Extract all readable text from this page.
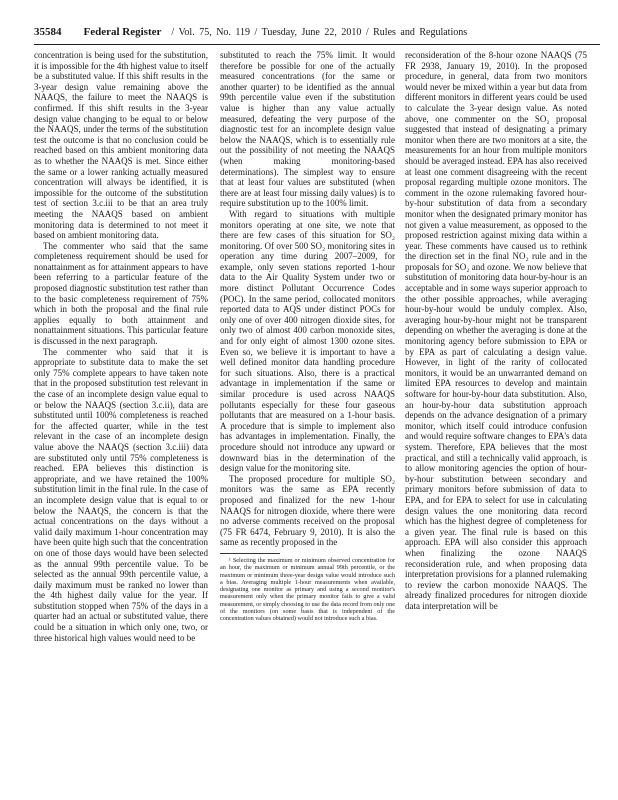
35584 Federal Register / Vol. 75, No. 119 / Tuesday, June 22, 2010 / Rules and Regulations

concentration is being used for the substitution, it is impossible for the 4th highest value to itself be a substituted value. If this shift results in the 3-year design value remaining above the NAAQS, the failure to meet the NAAQS is confirmed. If this shift results in the 3-year design value changing to be equal to or below the NAAQS, under the terms of the substitution test the outcome is that no conclusion could be reached based on this ambient monitoring data as to whether the NAAQS is met. Since either the same or a lower ranking actually measured concentration will always be identified, it is impossible for the outcome of the substitution test of section 3.c.iii to be that an area truly meeting the NAAQS based on ambient monitoring data is determined to not meet it based on ambient monitoring data.

The commenter who said that the same completeness requirement should be used for nonattainment as for attainment appears to have been referring to a particular feature of the proposed diagnostic substitution test rather than to the basic completeness requirement of 75% which in both the proposal and the final rule applies equally to both attainment and nonattainment situations. This particular feature is discussed in the next paragraph.

The commenter who said that it is appropriate to substitute data to make the set only 75% complete appears to have taken note that in the proposed substitution test relevant in the case of an incomplete design value equal to or below the NAAQS (section 3.c.ii), data are substituted until 100% completeness is reached for the affected quarter, while in the test relevant in the case of an incomplete design value above the NAAQS (section 3.c.iii) data are substituted only until 75% completeness is reached. EPA believes this distinction is appropriate, and we have retained the 100% substitution limit in the final rule. In the case of an incomplete design value that is equal to or below the NAAQS, the concern is that the actual concentrations on the days without a valid daily maximum 1-hour concentration may have been quite high such that the concentration on one of those days would have been selected as the annual 99th percentile value. To be selected as the annual 99th percentile value, a daily maximum must be ranked no lower than the 4th highest daily value for the year. If substitution stopped when 75% of the days in a quarter had an actual or substituted value, there could be a situation in which only one, two, or three historical high values would need to be

substituted to reach the 75% limit. It would therefore be possible for one of the actually measured concentrations (for the same or another quarter) to be identified as the annual 99th percentile value even if the substitution value is higher than any value actually measured, defeating the very purpose of the diagnostic test for an incomplete design value below the NAAQS, which is to essentially rule out the possibility of not meeting the NAAQS (when making monitoring-based determinations). The simplest way to ensure that at least four values are substituted (when there are at least four missing daily values) is to require substitution up to the 100% limit.

With regard to situations with multiple monitors operating at one site, we note that there are few cases of this situation for SO₂ monitoring. Of over 500 SO₂ monitoring sites in operation any time during 2007–2009, for example, only seven stations reported 1-hour data to the Air Quality System under two or more distinct Pollutant Occurrence Codes (POC). In the same period, collocated monitors reported data to AQS under distinct POCs for only one of over 400 nitrogen dioxide sites, for only two of almost 400 carbon monoxide sites, and for only eight of almost 1300 ozone sites. Even so, we believe it is important to have a well defined monitor data handling procedure for such situations. Also, there is a practical advantage in implementation if the same or similar procedure is used across NAAQS pollutants especially for these four gaseous pollutants that are measured on a 1-hour basis. A procedure that is simple to implement also has advantages in implementation. Finally, the procedure should not introduce any upward or downward bias in the determination of the design value for the monitoring site.

The proposed procedure for multiple SO₂ monitors was the same as EPA recently proposed and finalized for the new 1-hour NAAQS for nitrogen dioxide, where there were no adverse comments received on the proposal (75 FR 6474, February 9, 2010). It is also the same as recently proposed in the

¹ Selecting the maximum or minimum observed concentration for an hour, the maximum or minimum annual 99th percentile, or the maximum or minimum three-year design value would introduce such a bias. Averaging multiple 1-hour measurements when available, designating one monitor as primary and using a second monitor's measurement only when the primary monitor fails to give a valid measurement, or simply choosing to use the data record from only one of the monitors (on some basis that is independent of the concentration values obtained) would not introduce such a bias.

reconsideration of the 8-hour ozone NAAQS (75 FR 2938, January 19, 2010). In the proposed procedure, in general, data from two monitors would never be mixed within a year but data from different monitors in different years could be used to calculate the 3-year design value. As noted above, one commenter on the SO₂ proposal suggested that instead of designating a primary monitor when there are two monitors at a site, the measurements for an hour from multiple monitors should be averaged instead. EPA has also received at least one comment disagreeing with the recent proposal regarding multiple ozone monitors. The comment in the ozone rulemaking favored hour-by-hour substitution of data from a secondary monitor when the designated primary monitor has not given a value measurement, as opposed to the proposed restriction against mixing data within a year. These comments have caused us to rethink the direction set in the final NO₂ rule and in the proposals for SO₂ and ozone. We now believe that substitution of monitoring data hour-by-hour is an acceptable and in some ways superior approach to the other possible approaches, while averaging hour-by-hour would be unduly complex. Also, averaging hour-by-hour might not be transparent depending on whether the averaging is done at the monitoring agency before submission to EPA or by EPA as part of calculating a design value. However, in light of the rarity of collocated monitors, it would be an unwarranted demand on limited EPA resources to develop and maintain software for hour-by-hour data substitution. Also, an hour-by-hour data substitution approach depends on the advance designation of a primary monitor, which itself could introduce confusion and would require software changes to EPA's data system. Therefore, EPA believes that the most practical, and still a technically valid approach, is to allow monitoring agencies the option of hour-by-hour substitution between secondary and primary monitors before submission of data to EPA, and for EPA to select for use in calculating design values the one monitoring data record which has the highest degree of completeness for a given year. The final rule is based on this approach. EPA will also consider this approach when finalizing the ozone NAAQS reconsideration rule, and when proposing data interpretation provisions for a planned rulemaking to review the carbon monoxide NAAQS. The already finalized procedures for nitrogen dioxide data interpretation will be
